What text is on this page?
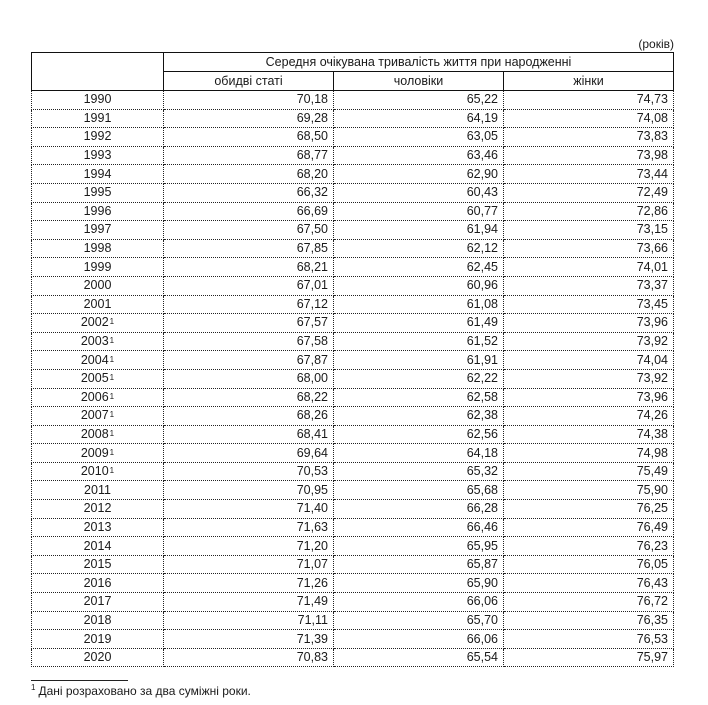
(років)
	Середня очікувана тривалість життя при народженні		
	обидві статі	чоловіки	жінки
1990	70,18	65,22	74,73
1991	69,28	64,19	74,08
1992	68,50	63,05	73,83
1993	68,77	63,46	73,98
1994	68,20	62,90	73,44
1995	66,32	60,43	72,49
1996	66,69	60,77	72,86
1997	67,50	61,94	73,15
1998	67,85	62,12	73,66
1999	68,21	62,45	74,01
2000	67,01	60,96	73,37
2001	67,12	61,08	73,45
2002$^1$	67,57	61,49	73,96
2003$^1$	67,58	61,52	73,92
2004$^1$	67,87	61,91	74,04
2005$^1$	68,00	62,22	73,92
2006$^1$	68,22	62,58	73,96
2007$^1$	68,26	62,38	74,26
2008$^1$	68,41	62,56	74,38
2009$^1$	69,64	64,18	74,98
2010$^1$	70,53	65,32	75,49
2011	70,95	65,68	75,90
2012	71,40	66,28	76,25
2013	71,63	66,46	76,49
2014	71,20	65,95	76,23
2015	71,07	65,87	76,05
2016	71,26	65,90	76,43
2017	71,49	66,06	76,72
2018	71,11	65,70	76,35
2019	71,39	66,06	76,53
2020	70,83	65,54	75,97
$^1$ Дані розраховано за два суміжні роки.
